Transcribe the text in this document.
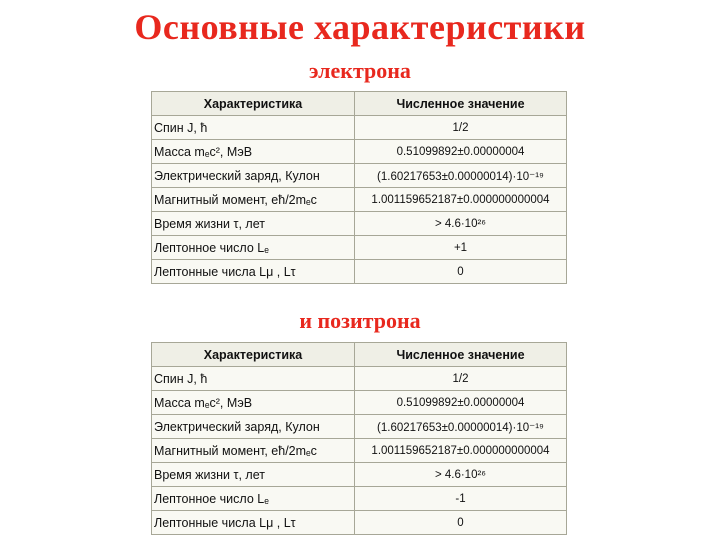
Основные характеристики
электрона
Характеристика	Численное значение
Спин J, ħ	1/2
Масса mₑc², МэВ	0.51099892±0.00000004
Электрический заряд, Кулон	(1.60217653±0.00000014)·10⁻¹⁹
Магнитный момент, eħ/2mₑc	1.001159652187±0.000000000004
Время жизни τ, лет	> 4.6·10²⁶
Лептонное число Lₑ	+1
Лептонные числа Lμ , Lτ	0
и позитрона
Характеристика	Численное значение
Спин J, ħ	1/2
Масса mₑc², МэВ	0.51099892±0.00000004
Электрический заряд, Кулон	(1.60217653±0.00000014)·10⁻¹⁹
Магнитный момент, eħ/2mₑc	1.001159652187±0.000000000004
Время жизни τ, лет	> 4.6·10²⁶
Лептонное число Lₑ	-1
Лептонные числа Lμ , Lτ	0
